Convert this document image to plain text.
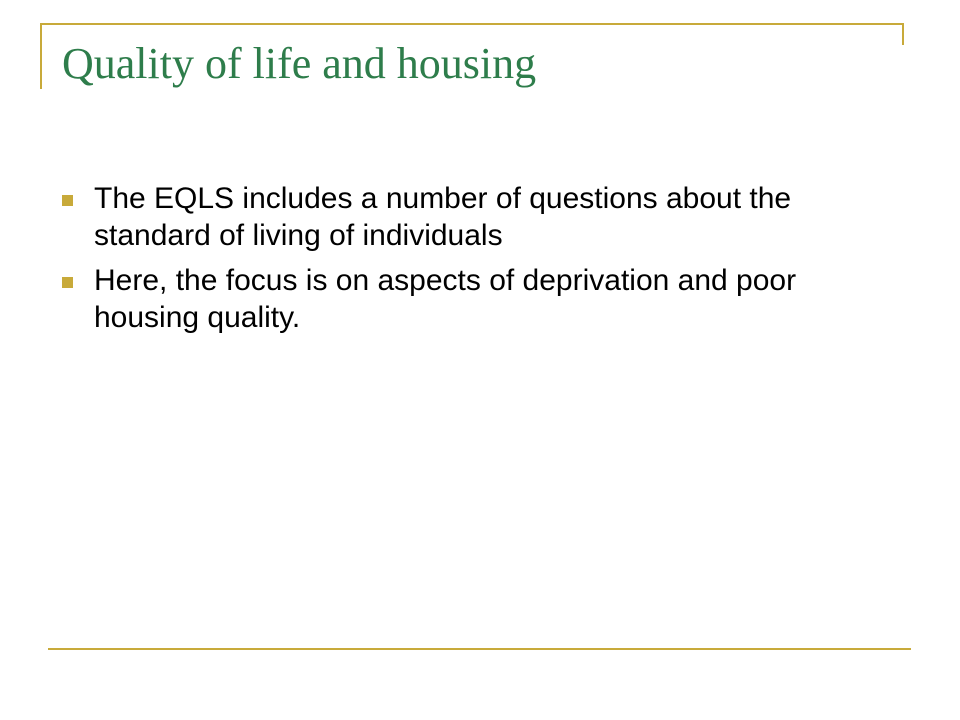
Quality of life and housing
The EQLS includes a number of questions about the standard of living of individuals
Here, the focus is on aspects of deprivation and poor housing quality.
